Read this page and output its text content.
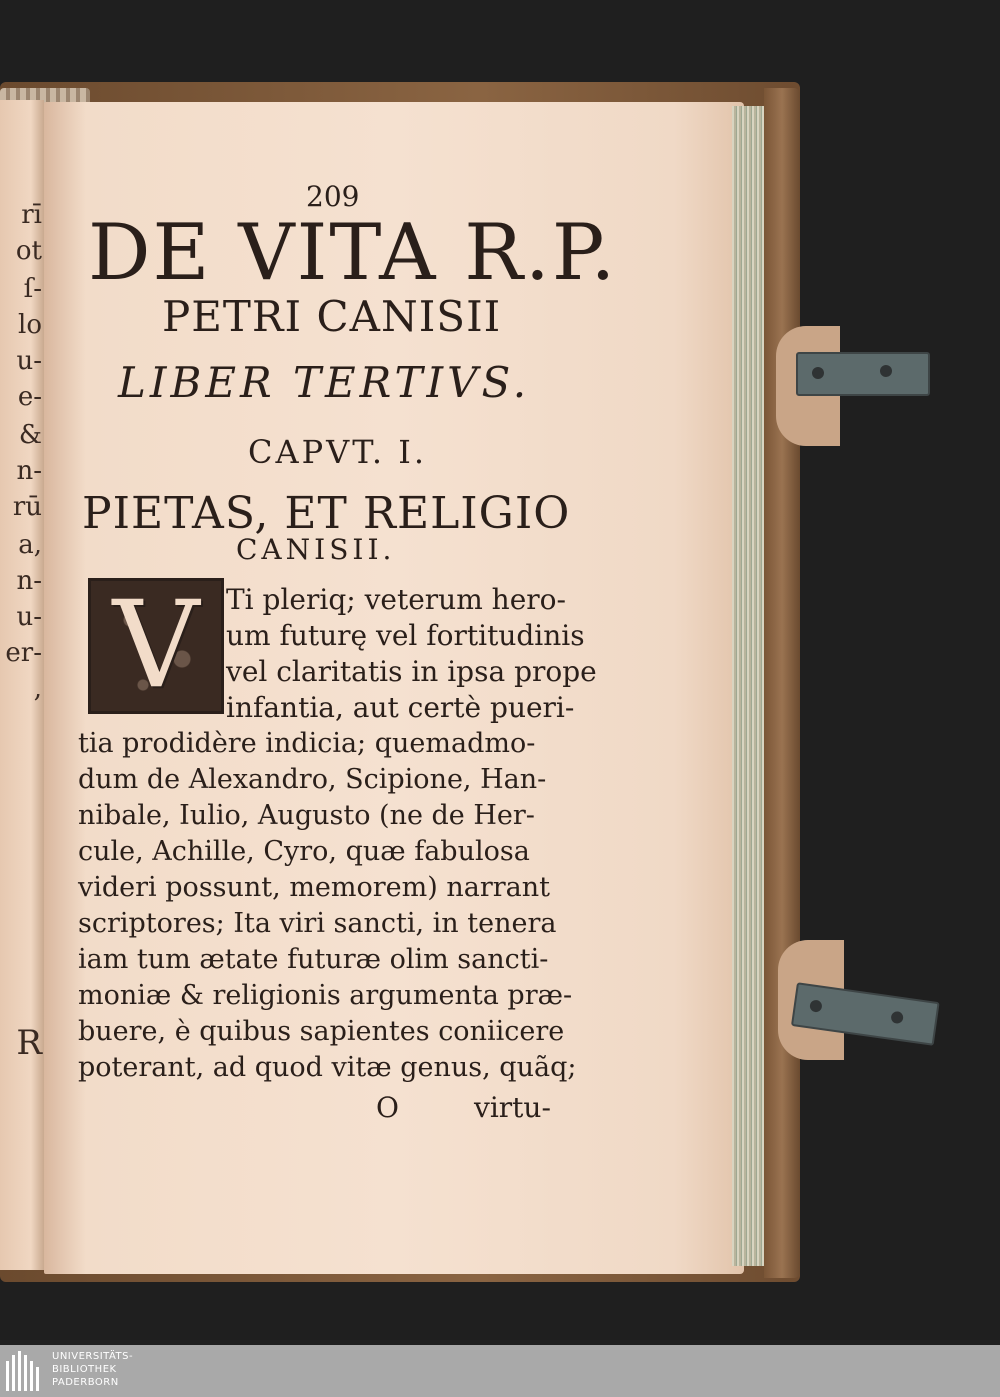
rī
ot
ſ-
lo
u-
e-
&
n-
rū
a,
n-
u-
er-
,
R
209
DE VITA R.P.
PETRI CANISII
LIBER TERTIVS.
CAPVT. I.
PIETAS, ET RELIGIO
CANISII.
V Ti pleriq; veterum hero-
um futurę vel fortitudinis
vel claritatis in ipsa prope
infantia, aut certè pueri-
tia prodidère indicia; quemadmo-
dum de Alexandro, Scipione, Han-
nibale, Iulio, Augusto (ne de Her-
cule, Achille, Cyro, quæ fabulosa
videri possunt, memorem) narrant
scriptores; Ita viri sancti, in tenera
iam tum ætate futuræ olim sancti-
moniæ & religionis argumenta præ-
buere, è quibus sapientes coniicere
poterant, ad quod vitæ genus, quãq;
O	virtu-
UNIVERSITÄTS-
BIBLIOTHEK
PADERBORN
